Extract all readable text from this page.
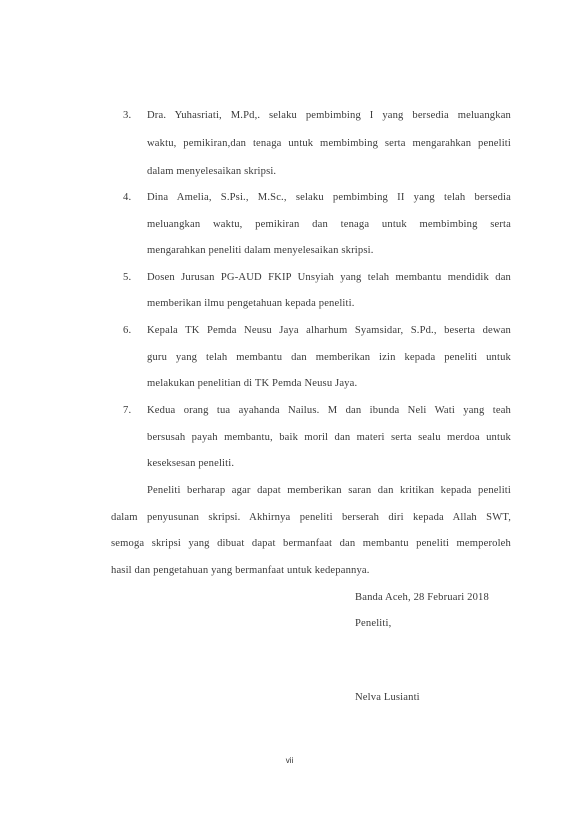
3.	Dra. Yuhasriati, M.Pd,. selaku pembimbing I yang bersedia meluangkan
waktu, pemikiran,dan tenaga untuk membimbing serta mengarahkan peneliti
dalam menyelesaikan skripsi.
4.	Dina Amelia, S.Psi., M.Sc., selaku pembimbing II yang telah bersedia
meluangkan waktu, pemikiran dan tenaga untuk membimbing serta
mengarahkan peneliti dalam menyelesaikan skripsi.
5.	Dosen Jurusan PG-AUD FKIP Unsyiah yang telah membantu mendidik dan
memberikan ilmu pengetahuan kepada peneliti.
6.	Kepala TK Pemda Neusu Jaya alharhum Syamsidar, S.Pd., beserta dewan
guru yang telah membantu dan memberikan izin kepada peneliti untuk
melakukan penelitian di TK Pemda Neusu Jaya.
7.	Kedua orang tua ayahanda Nailus. M dan ibunda Neli Wati yang teah
bersusah payah membantu, baik moril dan materi serta sealu merdoa untuk
keseksesan peneliti.
Peneliti berharap agar dapat memberikan saran dan kritikan kepada peneliti
dalam penyusunan skripsi. Akhirnya peneliti berserah diri kepada Allah SWT,
semoga skripsi yang dibuat dapat bermanfaat dan membantu peneliti memperoleh
hasil dan pengetahuan yang bermanfaat untuk kedepannya.
Banda Aceh, 28 Februari 2018
Peneliti,
Nelva Lusianti
vii
